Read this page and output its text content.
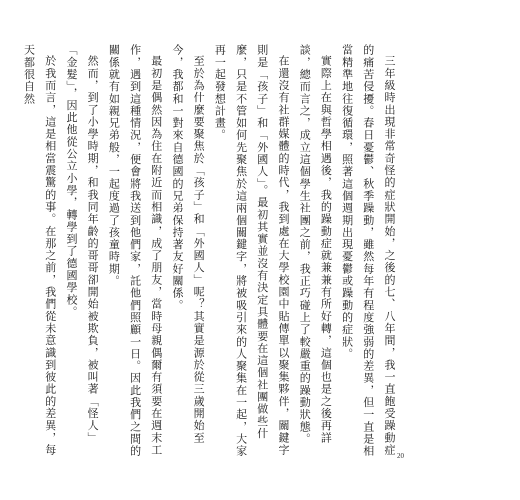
三年級時出現非常奇怪的症狀開始，之後的七、八年間，我一直飽受躁動症的痛苦侵擾。春日憂鬱、秋季躁動，雖然每年有程度強弱的差異，但一直是相當精準地往復循環，照著這個週期出現憂鬱或躁動的症狀。

實際上在與哲學相遇後，我的躁動症就兼兼有所好轉，這個也是之後再詳談，總而言之，成立這個學生社團之前，我正巧碰上了較嚴重的躁動狀態。

在還沒有社群媒體的時代，我到處在大學校園中貼傳單以聚集夥伴，關鍵字則是「孩子」和「外國人」。最初其實並沒有決定具體要在這個社團做些什麼，只是不管如何先聚焦於這兩個關鍵字，將被吸引來的人聚集在一起，大家再一起發想計畫。

至於為什麼要聚焦於「孩子」和「外國人」呢？其實是源於從三歲開始至今，我都和一對來自德國的兄弟保持著友好關係。

最初是偶然因為住在附近而相識，成了朋友，當時母親偶爾有須要在週末工作，遇到這種情況，便會將我送到他們家，託他們照顧一日。因此我們之間的關係就有如親兄弟般，一起度過了孩童時期。

然而，到了小學時期，和我同年齡的哥哥卻開始被欺負，被叫著「怪人」「金髮」，因此他從公立小學，轉學到了德國學校。

於我而言，這是相當震驚的事。在那之前，我們從未意識到彼此的差異，每天都很自然

20
